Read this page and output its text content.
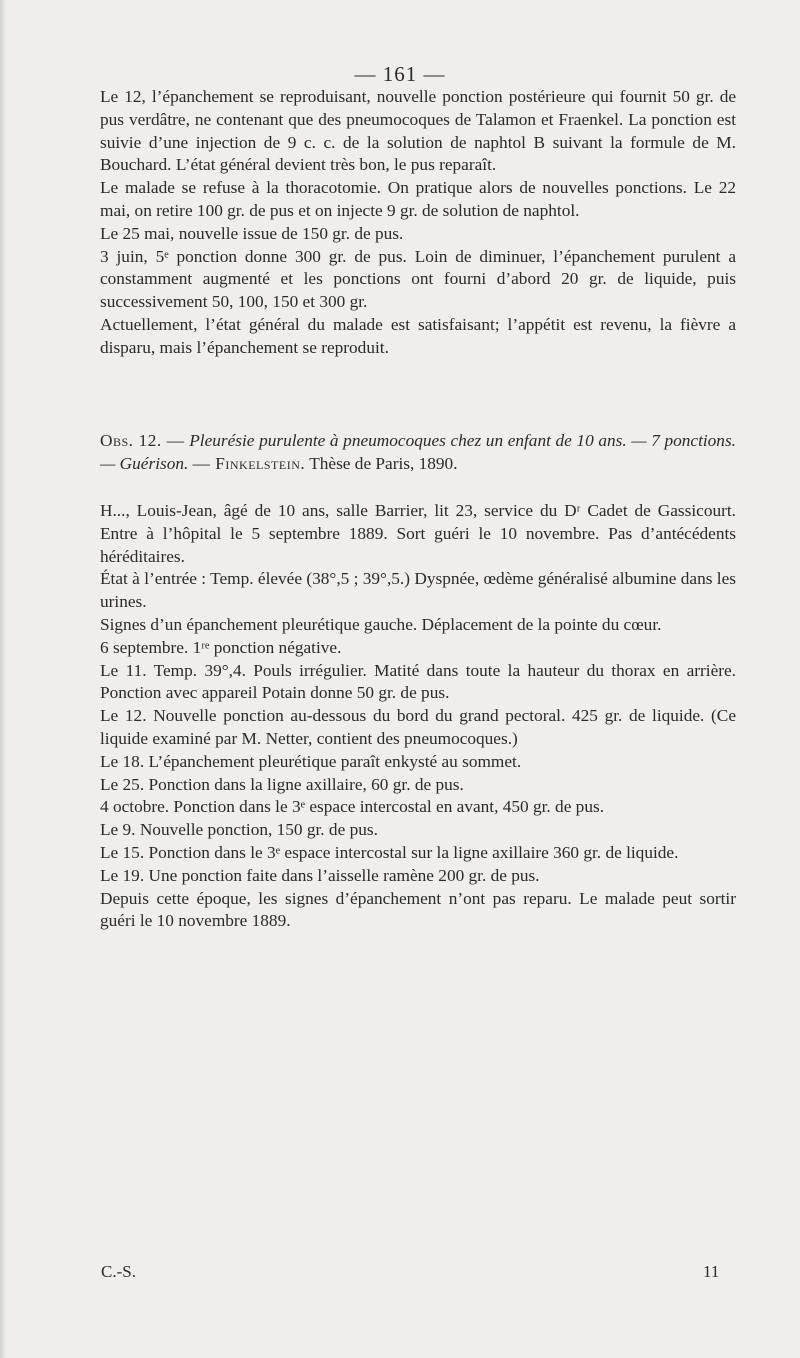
— 161 —

Le 12, l’épanchement se reproduisant, nouvelle ponction postérieure qui fournit 50 gr. de pus verdâtre, ne contenant que des pneumocoques de Talamon et Fraenkel. La ponction est suivie d’une injection de 9 c. c. de la solution de naphtol B suivant la formule de M. Bouchard. L’état général devient très bon, le pus reparaît.

Le malade se refuse à la thoracotomie. On pratique alors de nouvelles ponctions. Le 22 mai, on retire 100 gr. de pus et on injecte 9 gr. de solution de naphtol.

Le 25 mai, nouvelle issue de 150 gr. de pus.

3 juin, 5ᵉ ponction donne 300 gr. de pus. Loin de diminuer, l’épanchement purulent a constamment augmenté et les ponctions ont fourni d’abord 20 gr. de liquide, puis successivement 50, 100, 150 et 300 gr.

Actuellement, l’état général du malade est satisfaisant; l’appétit est revenu, la fièvre a disparu, mais l’épanchement se reproduit.

Obs. 12. — Pleurésie purulente à pneumocoques chez un enfant de 10 ans. — 7 ponctions. — Guérison. — Finkelstein. Thèse de Paris, 1890.

H..., Louis-Jean, âgé de 10 ans, salle Barrier, lit 23, service du Dʳ Cadet de Gassicourt. Entre à l’hôpital le 5 septembre 1889. Sort guéri le 10 novembre. Pas d’antécédents héréditaires.

État à l’entrée : Temp. élevée (38°,5 ; 39°,5.) Dyspnée, œdème généralisé albumine dans les urines.

Signes d’un épanchement pleurétique gauche. Déplacement de la pointe du cœur.

6 septembre. 1ʳᵉ ponction négative.

Le 11. Temp. 39°,4. Pouls irrégulier. Matité dans toute la hauteur du thorax en arrière. Ponction avec appareil Potain donne 50 gr. de pus.

Le 12. Nouvelle ponction au-dessous du bord du grand pectoral. 425 gr. de liquide. (Ce liquide examiné par M. Netter, contient des pneumocoques.)

Le 18. L’épanchement pleurétique paraît enkysté au sommet.

Le 25. Ponction dans la ligne axillaire, 60 gr. de pus.

4 octobre. Ponction dans le 3ᵉ espace intercostal en avant, 450 gr. de pus.

Le 9. Nouvelle ponction, 150 gr. de pus.

Le 15. Ponction dans le 3ᵉ espace intercostal sur la ligne axillaire 360 gr. de liquide.

Le 19. Une ponction faite dans l’aisselle ramène 200 gr. de pus.

Depuis cette époque, les signes d’épanchement n’ont pas reparu. Le malade peut sortir guéri le 10 novembre 1889.

C.-S.	11
